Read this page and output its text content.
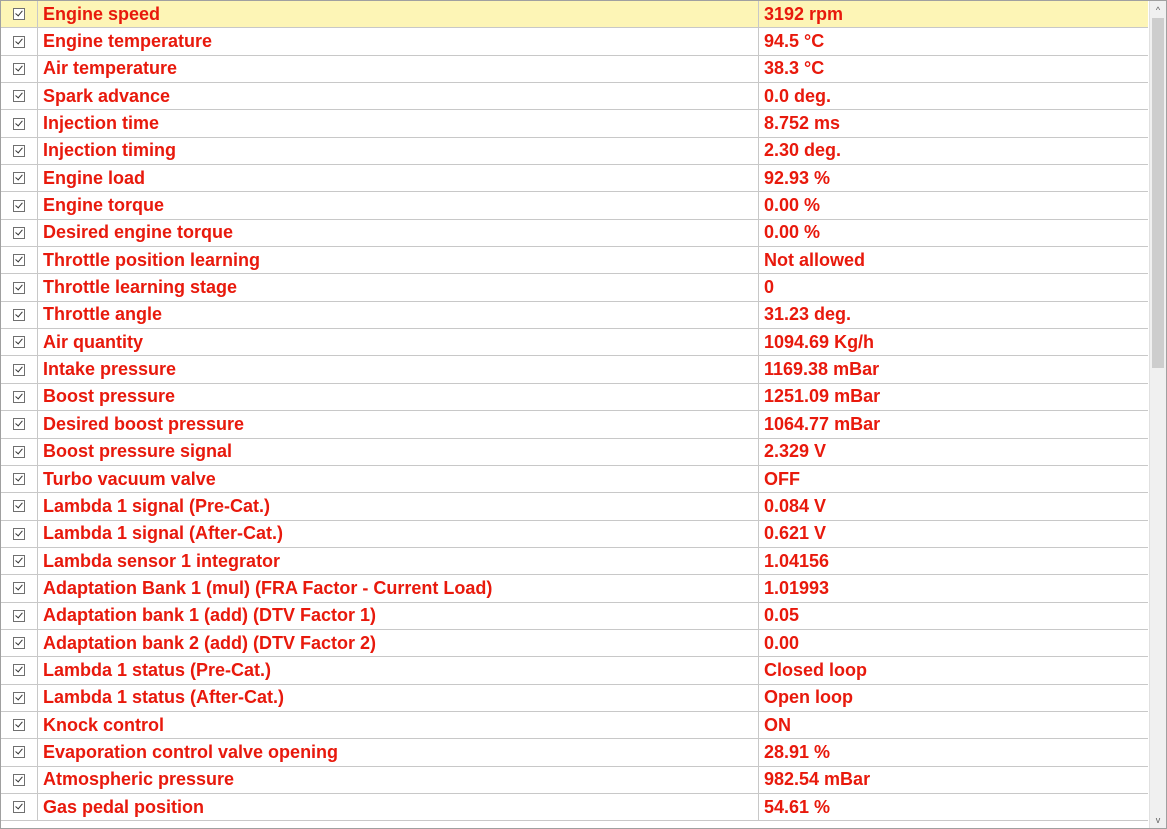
Engine speed	3192 rpm
Engine temperature	94.5 °C
Air temperature	38.3 °C
Spark advance	0.0 deg.
Injection time	8.752 ms
Injection timing	2.30 deg.
Engine load	92.93 %
Engine torque	0.00 %
Desired engine torque	0.00 %
Throttle position learning	Not allowed
Throttle learning stage	0
Throttle angle	31.23 deg.
Air quantity	1094.69 Kg/h
Intake pressure	1169.38 mBar
Boost pressure	1251.09 mBar
Desired boost pressure	1064.77 mBar
Boost pressure signal	2.329 V
Turbo vacuum valve	OFF
Lambda 1 signal (Pre-Cat.)	0.084 V
Lambda 1 signal (After-Cat.)	0.621 V
Lambda sensor 1 integrator	1.04156
Adaptation Bank 1 (mul) (FRA Factor - Current Load)	1.01993
Adaptation bank 1 (add) (DTV Factor 1)	0.05
Adaptation bank 2 (add) (DTV Factor 2)	0.00
Lambda 1 status (Pre-Cat.)	Closed loop
Lambda 1 status (After-Cat.)	Open loop
Knock control	ON
Evaporation control valve opening	28.91 %
Atmospheric pressure	982.54 mBar
Gas pedal position	54.61 %
^
v
